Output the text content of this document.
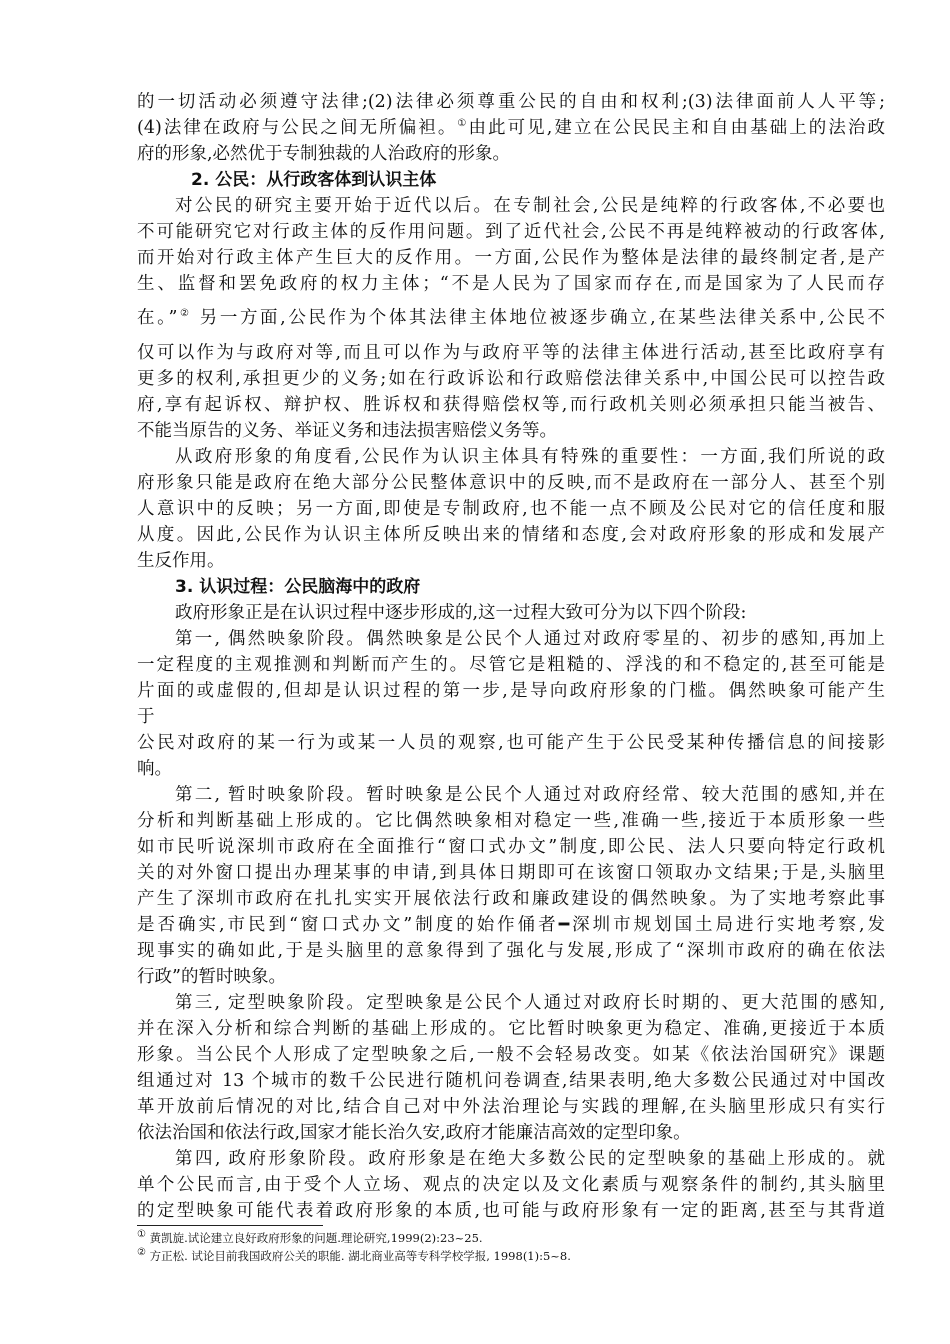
的一切活动必须遵守法律;(2)法律必须尊重公民的自由和权利;(3)法律面前人人平等;
(4)法律在政府与公民之间无所偏袒。①由此可见,建立在公民民主和自由基础上的法治政
府的形象,必然优于专制独裁的人治政府的形象。
2. 公民：从行政客体到认识主体
对公民的研究主要开始于近代以后。在专制社会,公民是纯粹的行政客体,不必要也
不可能研究它对行政主体的反作用问题。到了近代社会,公民不再是纯粹被动的行政客体,
而开始对行政主体产生巨大的反作用。一方面,公民作为整体是法律的最终制定者,是产
生、监督和罢免政府的权力主体；“不是人民为了国家而存在,而是国家为了人民而存
在。”② 另一方面,公民作为个体其法律主体地位被逐步确立,在某些法律关系中,公民不
仅可以作为与政府对等,而且可以作为与政府平等的法律主体进行活动,甚至比政府享有
更多的权利,承担更少的义务;如在行政诉讼和行政赔偿法律关系中,中国公民可以控告政
府,享有起诉权、辩护权、胜诉权和获得赔偿权等,而行政机关则必须承担只能当被告、
不能当原告的义务、举证义务和违法损害赔偿义务等。
从政府形象的角度看,公民作为认识主体具有特殊的重要性：一方面,我们所说的政
府形象只能是政府在绝大部分公民整体意识中的反映,而不是政府在一部分人、甚至个别
人意识中的反映；另一方面,即使是专制政府,也不能一点不顾及公民对它的信任度和服
从度。因此,公民作为认识主体所反映出来的情绪和态度,会对政府形象的形成和发展产
生反作用。
3. 认识过程：公民脑海中的政府
政府形象正是在认识过程中逐步形成的,这一过程大致可分为以下四个阶段:
第一, 偶然映象阶段。偶然映象是公民个人通过对政府零星的、初步的感知,再加上
一定程度的主观推测和判断而产生的。尽管它是粗糙的、浮浅的和不稳定的,甚至可能是
片面的或虚假的,但却是认识过程的第一步,是导向政府形象的门槛。偶然映象可能产生
于
公民对政府的某一行为或某一人员的观察,也可能产生于公民受某种传播信息的间接影
响。
第二, 暂时映象阶段。暂时映象是公民个人通过对政府经常、较大范围的感知,并在
分析和判断基础上形成的。它比偶然映象相对稳定一些,准确一些,接近于本质形象一些
如市民听说深圳市政府在全面推行“窗口式办文”制度,即公民、法人只要向特定行政机
关的对外窗口提出办理某事的申请,到具体日期即可在该窗口领取办文结果;于是,头脑里
产生了深圳市政府在扎扎实实开展依法行政和廉政建设的偶然映象。为了实地考察此事
是否确实,市民到“窗口式办文”制度的始作俑者━深圳市规划国土局进行实地考察,发
现事实的确如此,于是头脑里的意象得到了强化与发展,形成了“深圳市政府的确在依法
行政”的暂时映象。
第三, 定型映象阶段。定型映象是公民个人通过对政府长时期的、更大范围的感知,
并在深入分析和综合判断的基础上形成的。它比暂时映象更为稳定、准确,更接近于本质
形象。当公民个人形成了定型映象之后,一般不会轻易改变。如某《依法治国研究》课题
组通过对 13 个城市的数千公民进行随机问卷调查,结果表明,绝大多数公民通过对中国改
革开放前后情况的对比,结合自己对中外法治理论与实践的理解,在头脑里形成只有实行
依法治国和依法行政,国家才能长治久安,政府才能廉洁高效的定型印象。
第四, 政府形象阶段。政府形象是在绝大多数公民的定型映象的基础上形成的。就
单个公民而言,由于受个人立场、观点的决定以及文化素质与观察条件的制约,其头脑里
的定型映象可能代表着政府形象的本质,也可能与政府形象有一定的距离,甚至与其背道
① 黄凯旋.试论建立良好政府形象的问题.理论研究,1999(2):23~25.
② 方正松. 试论目前我国政府公关的职能. 湖北商业高等专科学校学报, 1998(1):5~8.
